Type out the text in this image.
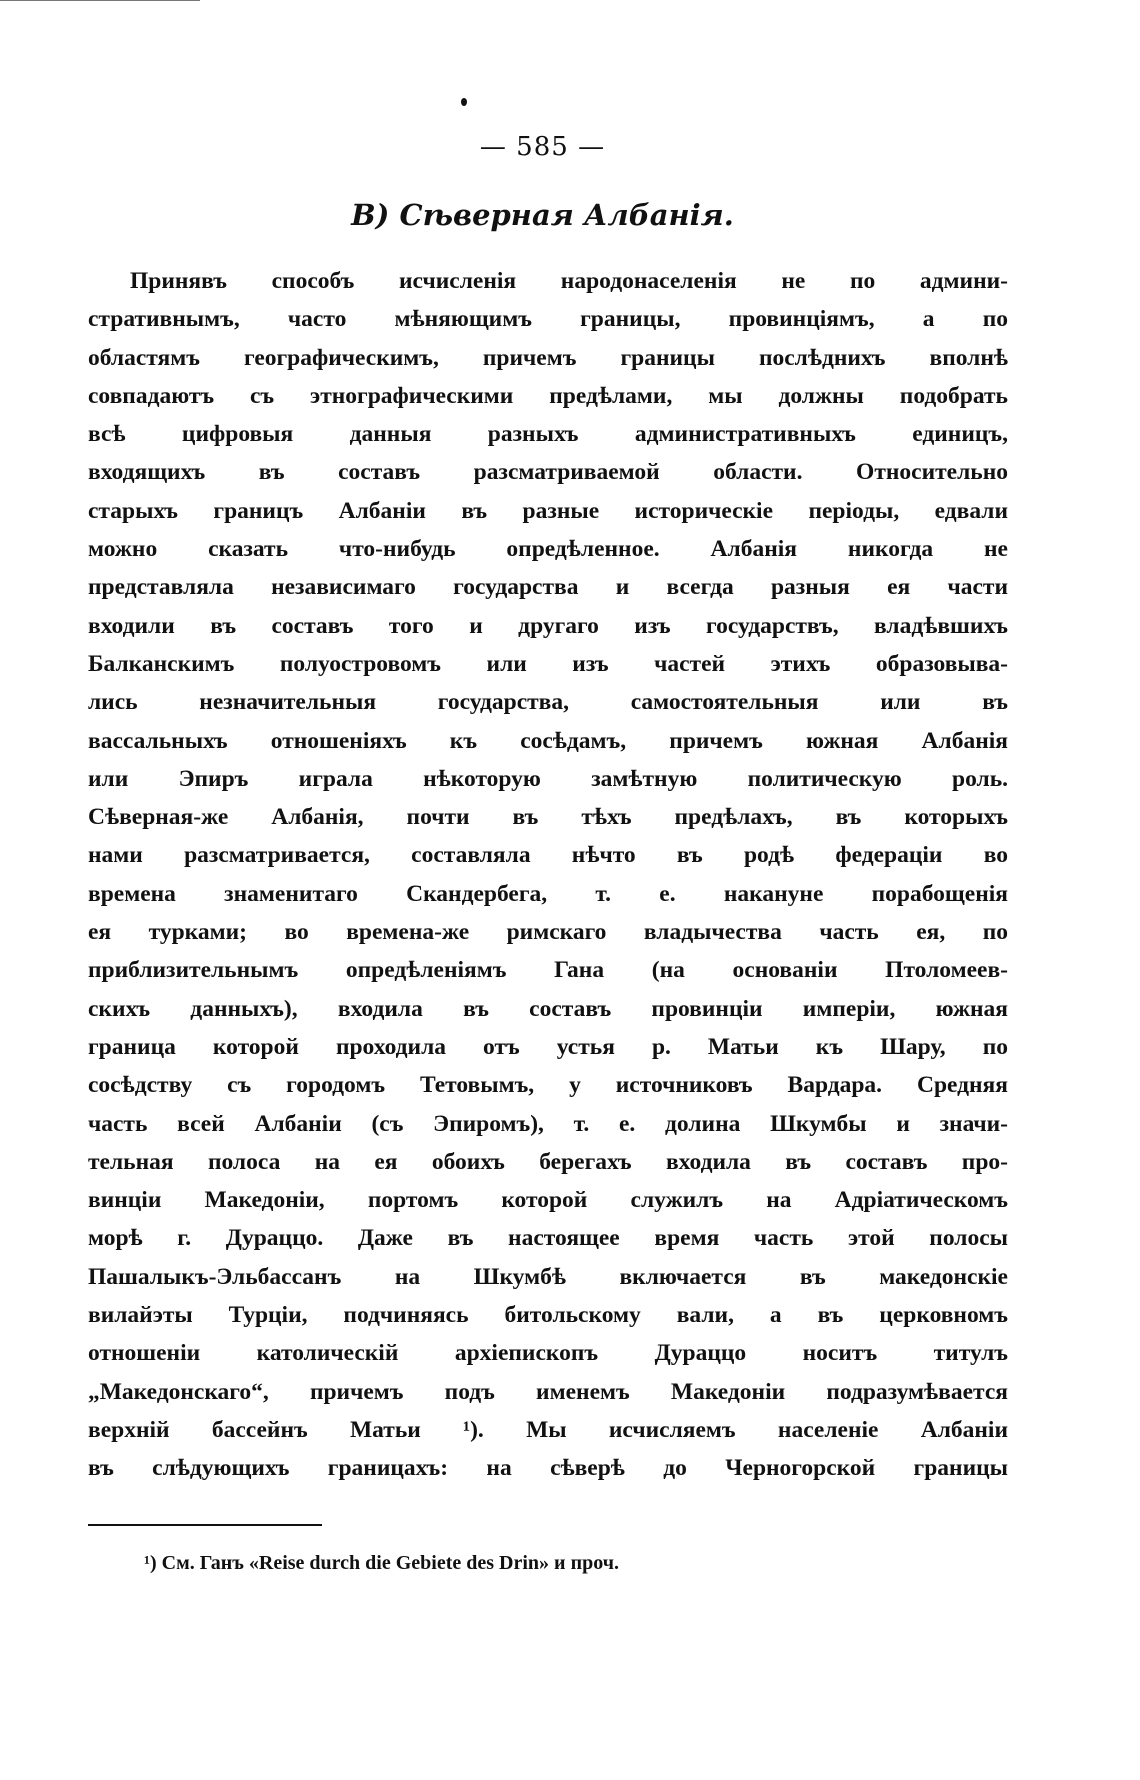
— 585 —
В) Сѣверная Албанія.
Принявъ способъ исчисленія народонаселенія не по админи-
стративнымъ, часто мѣняющимъ границы, провинціямъ, а по
областямъ географическимъ, причемъ границы послѣднихъ вполнѣ
совпадаютъ съ этнографическими предѣлами, мы должны подобрать
всѣ цифровыя данныя разныхъ административныхъ единицъ,
входящихъ въ составъ разсматриваемой области. Относительно
старыхъ границъ Албаніи въ разные историческіе періоды, едвали
можно сказать что-нибудь опредѣленное. Албанія никогда не
представляла независимаго государства и всегда разныя ея части
входили въ составъ того и другаго изъ государствъ, владѣвшихъ
Балканскимъ полуостровомъ или изъ частей этихъ образовыва-
лись незначительныя государства, самостоятельныя или въ
вассальныхъ отношеніяхъ къ сосѣдамъ, причемъ южная Албанія
или Эпиръ играла нѣкоторую замѣтную политическую роль.
Сѣверная-же Албанія, почти въ тѣхъ предѣлахъ, въ которыхъ
нами разсматривается, составляла нѣчто въ родѣ федераціи во
времена знаменитаго Скандербега, т. е. накануне порабощенія
ея турками; во времена-же римскаго владычества часть ея, по
приблизительнымъ опредѣленіямъ Гана (на основаніи Птоломеев-
скихъ данныхъ), входила въ составъ провинціи имперіи, южная
граница которой проходила отъ устья р. Матьи къ Шару, по
сосѣдству съ городомъ Тетовымъ, у источниковъ Вардара. Средняя
часть всей Албаніи (съ Эпиромъ), т. е. долина Шкумбы и значи-
тельная полоса на ея обоихъ берегахъ входила въ составъ про-
винціи Македоніи, портомъ которой служилъ на Адріатическомъ
морѣ г. Дураццо. Даже въ настоящее время часть этой полосы
Пашалыкъ-Эльбассанъ на Шкумбѣ включается въ македонскіе
вилайэты Турціи, подчиняясь битольскому вали, а въ церковномъ
отношеніи католическій архіепископъ Дураццо носитъ титулъ
„Македонскаго“, причемъ подъ именемъ Македоніи подразумѣвается
верхній бассейнъ Матьи ¹). Мы исчисляемъ населеніе Албаніи
въ слѣдующихъ границахъ: на сѣверѣ до Черногорской границы
¹) См. Ганъ «Reise durch die Gebiete des Drin» и проч.
